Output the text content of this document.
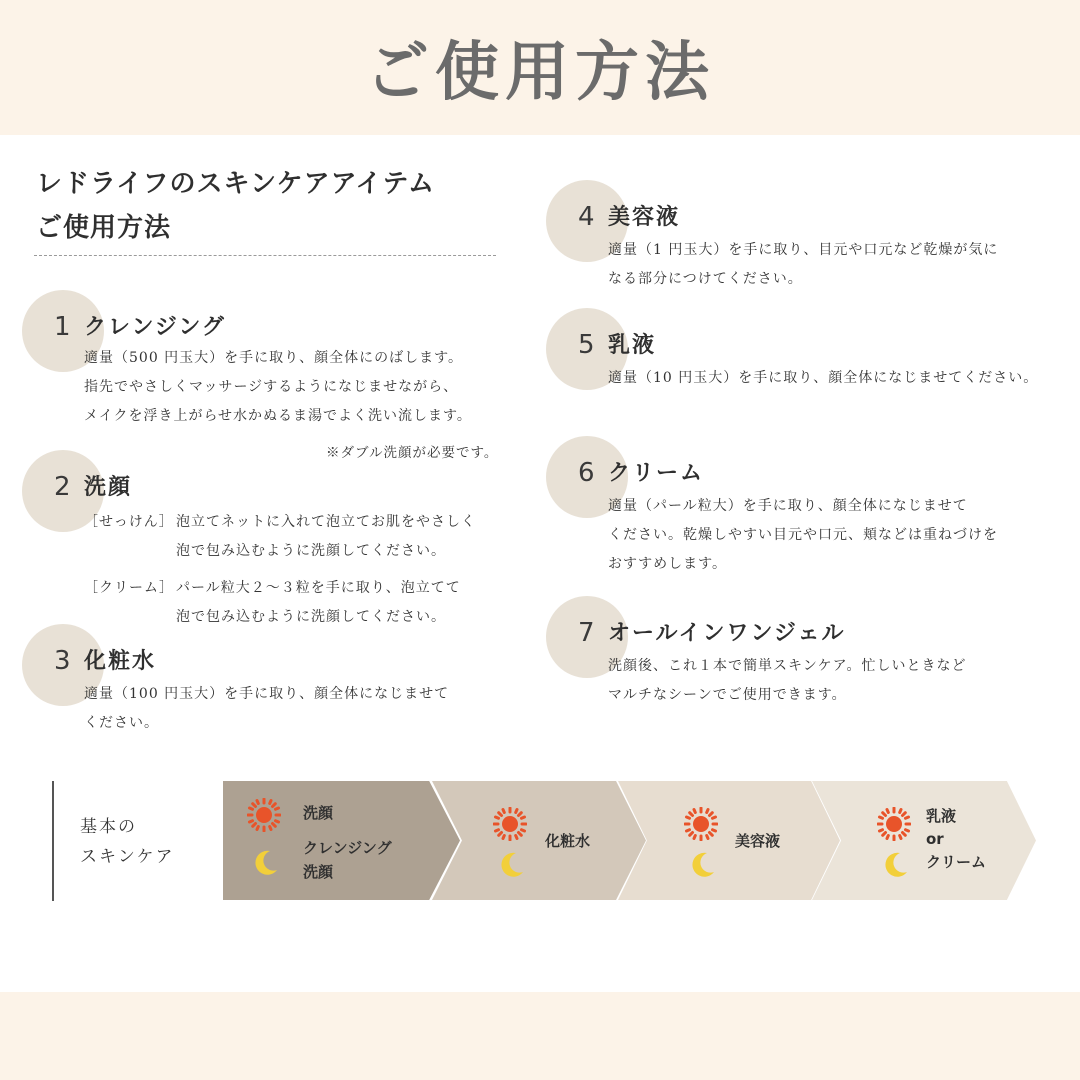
ご使用方法
レドライフのスキンケアアイテム
ご使用方法
1 クレンジング
適量（500 円玉大）を手に取り、顔全体にのばします。
指先でやさしくマッサージするようになじませながら、
メイクを浮き上がらせ水かぬるま湯でよく洗い流します。
※ダブル洗顔が必要です。
2 洗顔
［せっけん］ 泡立てネットに入れて泡立てお肌をやさしく
泡で包み込むように洗顔してください。
［クリーム］ パール粒大２〜３粒を手に取り、泡立てて
泡で包み込むように洗顔してください。
3 化粧水
適量（100 円玉大）を手に取り、顔全体になじませて
ください。
4 美容液
適量（1 円玉大）を手に取り、目元や口元など乾燥が気に
なる部分につけてください。
5 乳液
適量（10 円玉大）を手に取り、顔全体になじませてください。
6 クリーム
適量（パール粒大）を手に取り、顔全体になじませて
ください。乾燥しやすい目元や口元、頬などは重ねづけを
おすすめします。
7 オールインワンジェル
洗顔後、これ１本で簡単スキンケア。忙しいときなど
マルチなシーンでご使用できます。
基本の
スキンケア
洗顔
クレンジング
洗顔
化粧水	美容液
乳液
or
クリーム
